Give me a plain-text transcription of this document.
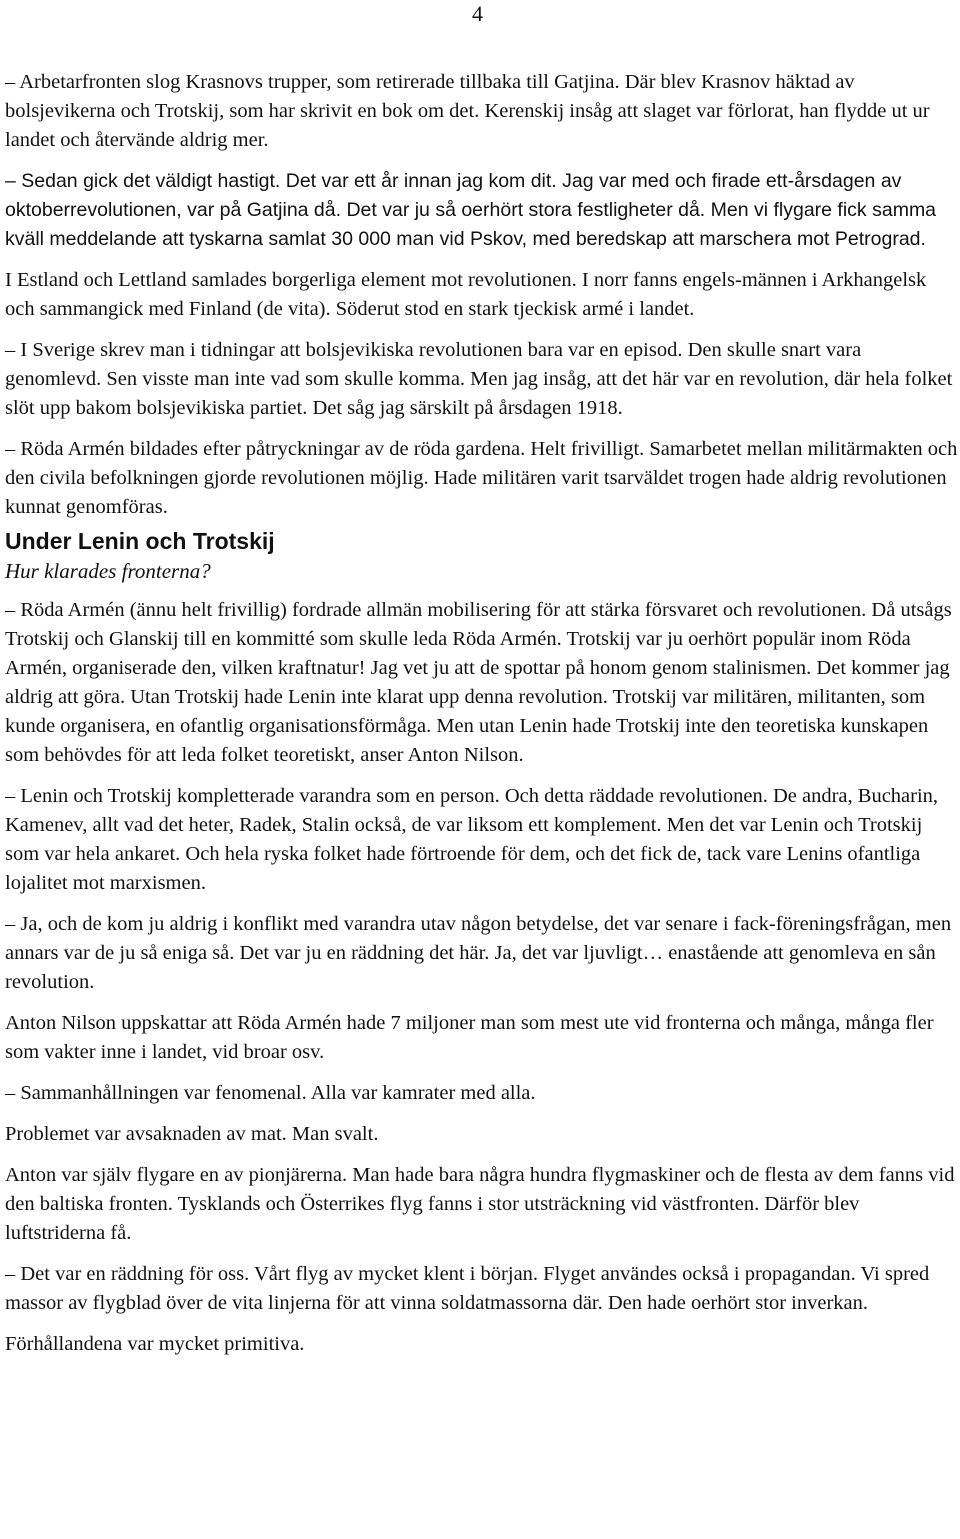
4

– Arbetarfronten slog Krasnovs trupper, som retirerade tillbaka till Gatjina. Där blev Krasnov häktad av bolsjevikerna och Trotskij, som har skrivit en bok om det. Kerenskij insåg att slaget var förlorat, han flydde ut ur landet och återvände aldrig mer.

– Sedan gick det väldigt hastigt. Det var ett år innan jag kom dit. Jag var med och firade ett-årsdagen av oktoberrevolutionen, var på Gatjina då. Det var ju så oerhört stora festligheter då. Men vi flygare fick samma kväll meddelande att tyskarna samlat 30 000 man vid Pskov, med beredskap att marschera mot Petrograd.

I Estland och Lettland samlades borgerliga element mot revolutionen. I norr fanns engels-männen i Arkhangelsk och sammangick med Finland (de vita). Söderut stod en stark tjeckisk armé i landet.

– I Sverige skrev man i tidningar att bolsjevikiska revolutionen bara var en episod. Den skulle snart vara genomlevd. Sen visste man inte vad som skulle komma. Men jag insåg, att det här var en revolution, där hela folket slöt upp bakom bolsjevikiska partiet. Det såg jag särskilt på årsdagen 1918.

– Röda Armén bildades efter påtryckningar av de röda gardena. Helt frivilligt. Samarbetet mellan militärmakten och den civila befolkningen gjorde revolutionen möjlig. Hade militären varit tsarväldet trogen hade aldrig revolutionen kunnat genomföras.

Under Lenin och Trotskij
Hur klarades fronterna?

– Röda Armén (ännu helt frivillig) fordrade allmän mobilisering för att stärka försvaret och revolutionen. Då utsågs Trotskij och Glanskij till en kommitté som skulle leda Röda Armén. Trotskij var ju oerhört populär inom Röda Armén, organiserade den, vilken kraftnatur! Jag vet ju att de spottar på honom genom stalinismen. Det kommer jag aldrig att göra. Utan Trotskij hade Lenin inte klarat upp denna revolution. Trotskij var militären, militanten, som kunde organisera, en ofantlig organisationsförmåga. Men utan Lenin hade Trotskij inte den teoretiska kunskapen som behövdes för att leda folket teoretiskt, anser Anton Nilson.

– Lenin och Trotskij kompletterade varandra som en person. Och detta räddade revolutionen. De andra, Bucharin, Kamenev, allt vad det heter, Radek, Stalin också, de var liksom ett komplement. Men det var Lenin och Trotskij som var hela ankaret. Och hela ryska folket hade förtroende för dem, och det fick de, tack vare Lenins ofantliga lojalitet mot marxismen.

– Ja, och de kom ju aldrig i konflikt med varandra utav någon betydelse, det var senare i fack-föreningsfrågan, men annars var de ju så eniga så. Det var ju en räddning det här. Ja, det var ljuvligt… enastående att genomleva en sån revolution.

Anton Nilson uppskattar att Röda Armén hade 7 miljoner man som mest ute vid fronterna och många, många fler som vakter inne i landet, vid broar osv.

– Sammanhållningen var fenomenal. Alla var kamrater med alla.

Problemet var avsaknaden av mat. Man svalt.

Anton var själv flygare en av pionjärerna. Man hade bara några hundra flygmaskiner och de flesta av dem fanns vid den baltiska fronten. Tysklands och Österrikes flyg fanns i stor utsträckning vid västfronten. Därför blev luftstriderna få.

– Det var en räddning för oss. Vårt flyg av mycket klent i början. Flyget användes också i propagandan. Vi spred massor av flygblad över de vita linjerna för att vinna soldatmassorna där. Den hade oerhört stor inverkan.

Förhållandena var mycket primitiva.
